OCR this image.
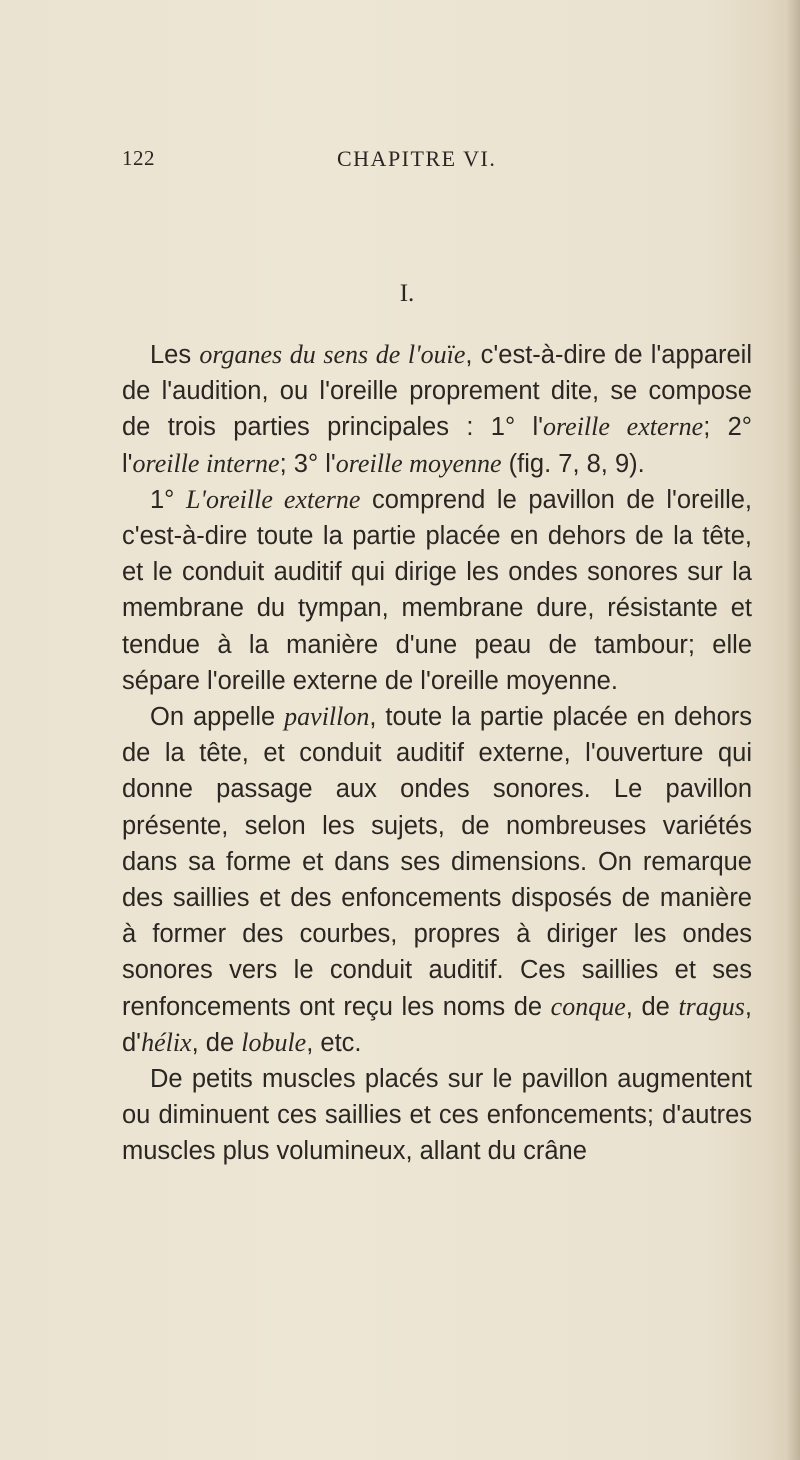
122	CHAPITRE VI.
I.

Les organes du sens de l'ouïe, c'est-à-dire de l'appareil de l'audition, ou l'oreille proprement dite, se compose de trois parties principales : 1° l'oreille externe; 2° l'oreille interne; 3° l'oreille moyenne (fig. 7, 8, 9).

1° L'oreille externe comprend le pavillon de l'oreille, c'est-à-dire toute la partie placée en dehors de la tête, et le conduit auditif qui dirige les ondes sonores sur la membrane du tympan, membrane dure, résistante et tendue à la manière d'une peau de tambour; elle sépare l'oreille externe de l'oreille moyenne.

On appelle pavillon, toute la partie placée en dehors de la tête, et conduit auditif externe, l'ouverture qui donne passage aux ondes sonores. Le pavillon présente, selon les sujets, de nombreuses variétés dans sa forme et dans ses dimensions. On remarque des saillies et des enfoncements disposés de manière à former des courbes, propres à diriger les ondes sonores vers le conduit auditif. Ces saillies et ses renfoncements ont reçu les noms de conque, de tragus, d'hélix, de lobule, etc.

De petits muscles placés sur le pavillon augmentent ou diminuent ces saillies et ces enfoncements; d'autres muscles plus volumineux, allant du crâne
